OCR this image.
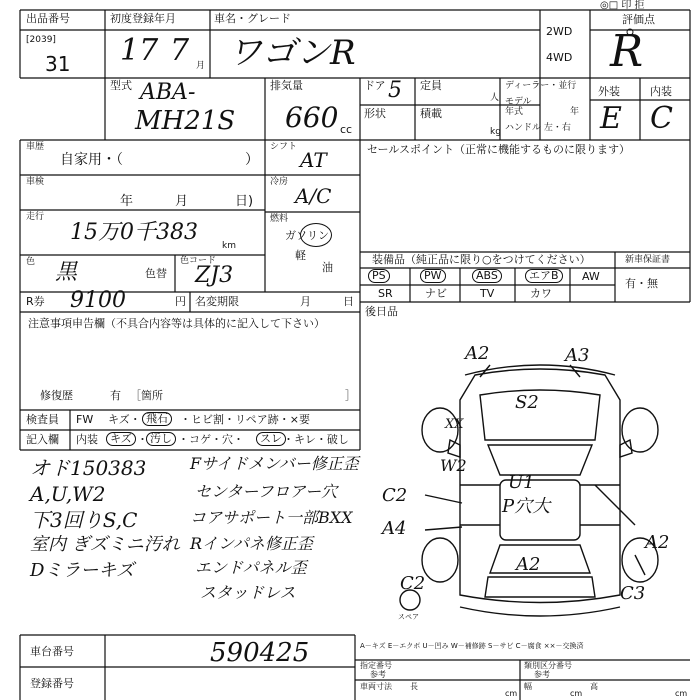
出品番号
[2039]
31
初度登録年月
17 7 月
車名・グレード
ワゴンR
2WD
4WD
◎□ 印 拒
評価点
R
型式 ABA-
MH21S
排気量
660 cc
ドア 5 定員
人
形状	積載
kg
ディーラー・並行
モデル年式	年
ハンドル 左・右
外装	内装
E C
車歴
自家用・（	）
車検
年	月	日)
走行
15万0千383
km
色 黒	色替
色コード
ZJ3
R券 9100	円 名変期限	月	日
シフト
AT
冷房
A/C
燃料
ガソリン
軽
油
セールスポイント（正常に機能するものに限ります）
装備品（純正品に限り○をつけてください）	新車保証書
有・無
PS	PW	ABS	エアB	AW
SR	ナビ	TV	カワ
後日品
注意事項申告欄（不具合内容等は具体的に記入して下さい）
修復歴	有 ［箇所	］
検査員
記入欄
FW キズ・ 飛石	・ヒビ割・リペア跡・×要
内装	キズ ・ 汚し ・コゲ・穴・	スレ ・キレ・破し
オド150383
A,U,W2
下3回りS,C
室内 ぎズミニ汚れ
Dミラーキズ
Fサイドメンバー修正歪
センターフロアー穴
コアサポート一部BXX
Rインパネ修正歪
エンドパネル歪
スタッドレス
A2	A3
S2
XX
W2
U1
P穴大
C2
A4
A2
A2
C2	C3
スペア
車台番号	590425
登録番号
A－キズ E－エクボ U－凹み W－補修跡 S－サビ C－腐食 ××－交換済
指定番号
参考
類別区分番号
参考
車両寸法 長
cm
幅
cm
高
cm
